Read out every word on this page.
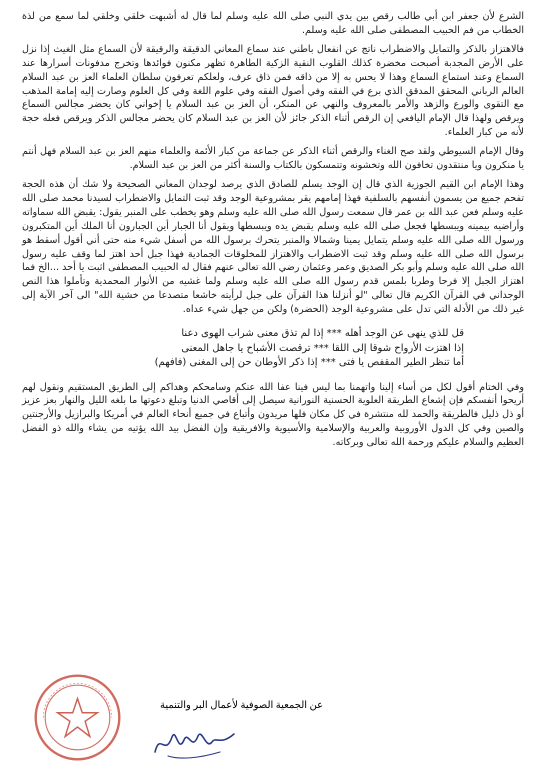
الشرع لأن جعفر ابن أبي طالب رقص بين يدي النبي صلى الله عليه وسلم لما قال له أشبهت خلقي وخلقي لما سمع من لذة الخطاب من فم الحبيب المصطفى صلى الله عليه وسلم.

فالاهتزاز بالذكر والتمايل والاضطراب ناتج عن انفعال باطني عند سماع المعاني الدقيقة والرقيقة لأن السماع مثل الغيث إذا نزل على الأرض المجدبة أصبحت مخضرة كذلك القلوب النقية الزكية الطاهرة تظهر مكنون فوائدها وتخرج مدفونات أسرارها عند السماع وعند استماع السماع وهذا لا يحس به إلا من ذاقه فمن ذاق عرف، ولعلكم تعرفون سلطان العلماء العز بن عبد السلام العالم الرباني المحقق المدقق الذي برع في الفقه وفي أصول الفقه وفي علوم اللغة وفي كل العلوم وصارت إليه إمامة المذهب مع التقوى والورع والزهد والأمر بالمعروف والنهي عن المنكر، أن العز بن عبد السلام يا إخواني كان يحضر مجالس السماع ويرقص ولهذا قال الإمام اليافعي إن الرقص أثناء الذكر جائز لأن العز بن عبد السلام كان يحضر مجالس الذكر ويرقص فعله حجة لأنه من كبار العلماء.

وقال الإمام السيوطي ولقد صح الغناء والرقص أثناء الذكر عن جماعة من كبار الأئمة والعلماء منهم العز بن عبد السلام فهل أنتم يا منكرون ويا منتقدون تخافون الله وتخشونه وتتمسكون بالكتاب والسنة أكثر من العز بن عبد السلام.

وهذا الإمام ابن القيم الجوزية الذي قال إن الوجد يسلم للصادق الذي يرصد لوجدان المعاني الصحيحة ولا شك أن هذه الحجة تفحم جميع من يسمون أنفسهم بالسلفية فهذا إمامهم يقر بمشروعية الوجد وقد ثبت التمايل والاضطراب لسيدنا محمد صلى الله عليه وسلم فعن عبد الله بن عمر قال سمعت رسول الله صلى الله عليه وسلم وهو يخطب على المنبر يقول: يقبض الله سماواته وأراضيه بيمينه ويبسطها فجعل صلى الله عليه وسلم يقبض يده ويبسطها ويقول أنا الجبار أين الجبارون أنا الملك أين المتكبرون ورسول الله صلى الله عليه وسلم يتمايل يمينا وشمالا والمنبر يتحرك برسول الله من أسفل شيء منه حتى أني أقول أسقط هو برسول الله صلى الله عليه وسلم وقد ثبت الاضطراب والاهتزاز للمخلوقات الجمادية فهذا جبل أحد اهتز لما وقف عليه رسول الله صلى الله عليه وسلم وأبو بكر الصديق وعمر وعثمان رضي الله تعالى عنهم فقال له الحبيب المصطفى اثبت يا أحد ...الخ فما اهتزاز الجبل إلا فرحا وطربا بلمس قدم رسول الله صلى الله عليه وسلم ولما غشيه من الأنوار المحمدية وتأملوا هذا النص الوجداني في القرآن الكريم قال تعالى "لو أنزلنا هذا القرآن على جبل لرأيته خاشعا متصدعا من خشية الله" الى آخر الآية إلى غير ذلك من الأدلة التي تدل على مشروعية الوجد (الحضرة) ولكن من جهل شيء عداه.

قل للذي ينهى عن الوجد أهله *** إذا لم تذق معنى شراب الهوى دعنا

إذا اهتزت الأرواح شوقا إلى اللقا *** ترقصت الأشباح يا جاهل المعنى

أما تنظر الطير المقفص يا فتى *** إذا ذكر الأوطان حن إلى المغنى (فافهم)

وفي الختام أقول لكل من أساء إلينا واتهمنا بما ليس فينا عفا الله عنكم وسامحكم وهداكم إلى الطريق المستقيم ونقول لهم أريحوا أنفسكم فإن إشعاع الطريقة العلوية الحسنية النورانية سيصل إلى أقاصي الدنيا وتبلغ دعوتها ما بلغه الليل والنهار بعز عزيز أو ذل ذليل فالطريقة والحمد لله منتشرة في كل مكان فلها مريدون وأتباع في جميع أنحاء العالم في أمريكا والبرازيل والأرجنتين والصين وفي كل الدول الأوروبية والعربية والإسلامية والأسيوية والافريقية وإن الفضل بيد الله يؤتيه من يشاء والله ذو الفضل العظيم والسلام عليكم ورحمة الله تعالى وبركاته.

عن الجمعية الصوفية لأعمال البر والتنمية
